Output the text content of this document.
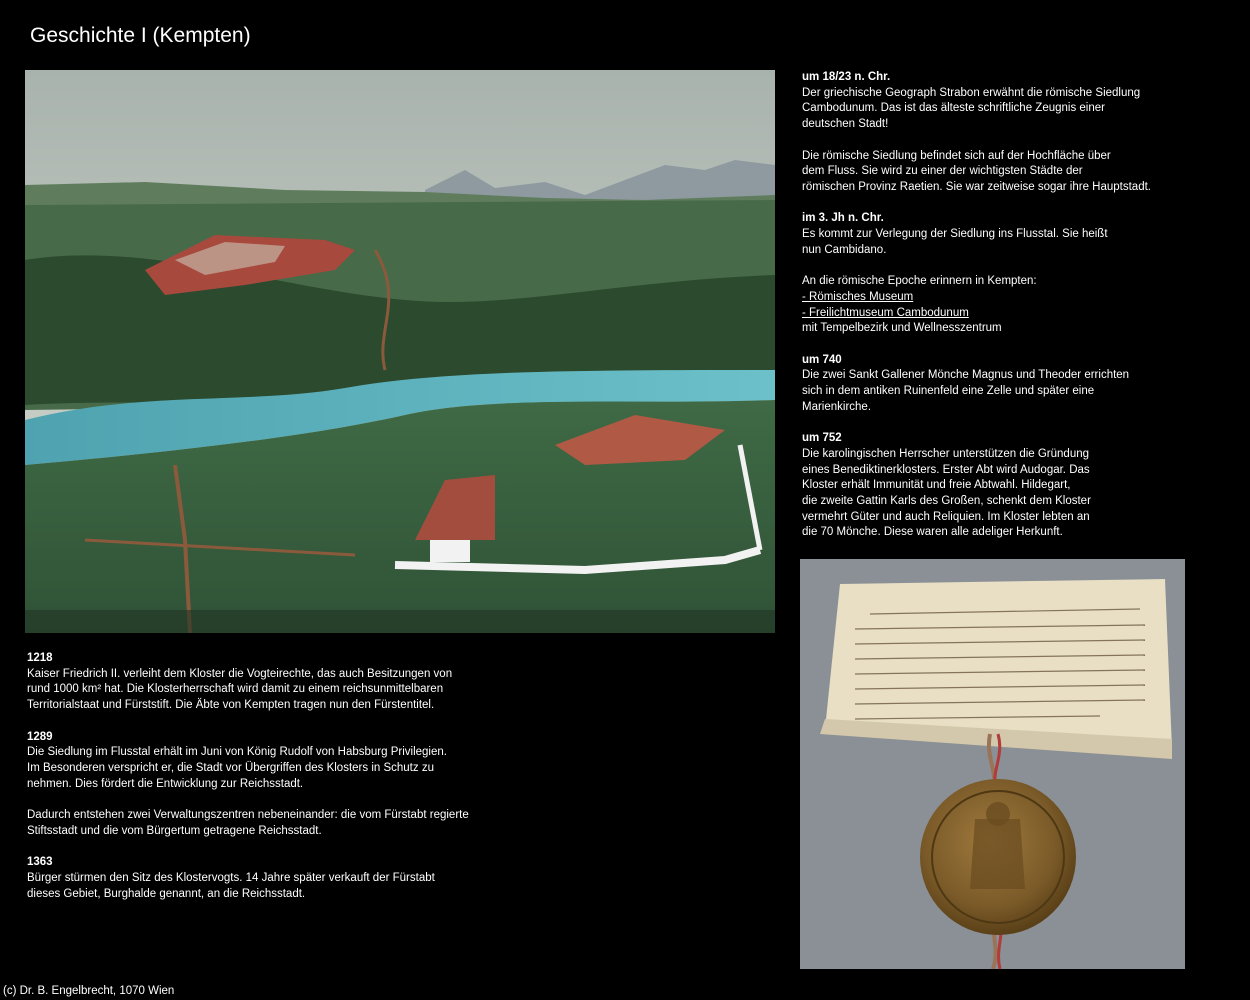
Geschichte I (Kempten)

um 18/23 n. Chr.
Der griechische Geograph Strabon erwähnt die römische Siedlung
Cambodunum. Das ist das älteste schriftliche Zeugnis einer
deutschen Stadt!

Die römische Siedlung befindet sich auf der Hochfläche über
dem Fluss. Sie wird zu einer der wichtigsten Städte der
römischen Provinz Raetien. Sie war zeitweise sogar ihre Hauptstadt.

im 3. Jh n. Chr.
Es kommt zur Verlegung der Siedlung ins Flusstal. Sie heißt
nun Cambidano.

An die römische Epoche erinnern in Kempten:
- Römisches Museum
- Freilichtmuseum Cambodunum
mit Tempelbezirk und Wellnesszentrum

um 740
Die zwei Sankt Gallener Mönche Magnus und Theoder errichten
sich in dem antiken Ruinenfeld eine Zelle und später eine
Marienkirche.

um 752
Die karolingischen Herrscher unterstützen die Gründung
eines Benediktinerklosters. Erster Abt wird Audogar. Das
Kloster erhält Immunität und freie Abtwahl. Hildegart,
die zweite Gattin Karls des Großen, schenkt dem Kloster
vermehrt Güter und auch Reliquien. Im Kloster lebten an
die 70 Mönche. Diese waren alle adeliger Herkunft.

1218
Kaiser Friedrich II. verleiht dem Kloster die Vogteirechte, das auch Besitzungen von
rund 1000 km² hat. Die Klosterherrschaft wird damit zu einem reichsunmittelbaren
Territorialstaat und Fürststift. Die Äbte von Kempten tragen nun den Fürstentitel.

1289
Die Siedlung im Flusstal erhält im Juni von König Rudolf von Habsburg Privilegien.
Im Besonderen verspricht er, die Stadt vor Übergriffen des Klosters in Schutz zu
nehmen. Dies fördert die Entwicklung zur Reichsstadt.

Dadurch entstehen zwei Verwaltungszentren nebeneinander: die vom Fürstabt regierte
Stiftsstadt und die vom Bürgertum getragene Reichsstadt.

1363
Bürger stürmen den Sitz des Klostervogts. 14 Jahre später verkauft der Fürstabt
dieses Gebiet, Burghalde genannt, an die Reichsstadt.

(c) Dr. B. Engelbrecht, 1070 Wien
